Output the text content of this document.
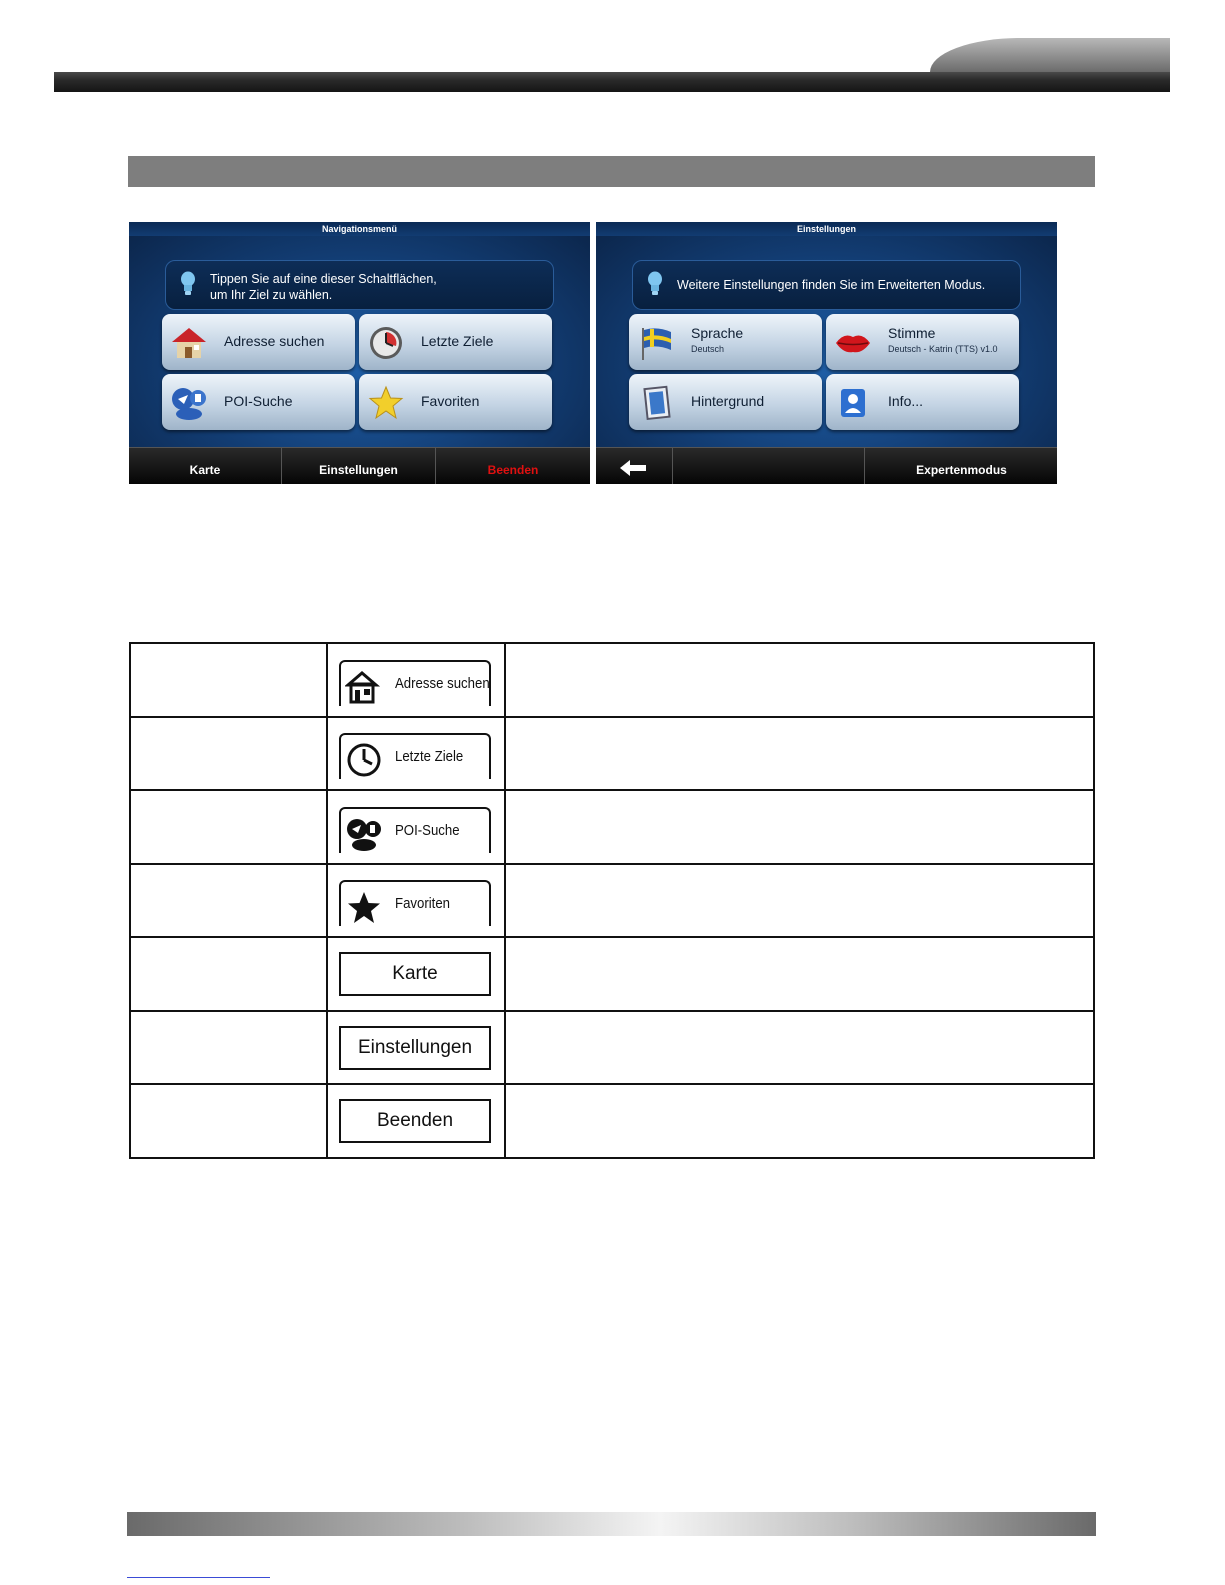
Navigationsmenü
Tippen Sie auf eine dieser Schaltflächen,
um Ihr Ziel zu wählen.
Adresse suchen	Letzte Ziele
POI-Suche	Favoriten
Karte	Einstellungen	Beenden
Einstellungen
Weitere Einstellungen finden Sie im Erweiterten Modus.
Sprache
Deutsch
Stimme
Deutsch - Katrin (TTS) v1.0
Hintergrund	Info...
Expertenmodus

	Adresse suchen	

	Letzte Ziele	

	POI-Suche	

	Favoriten	

	Karte	

	Einstellungen	

	Beenden	
